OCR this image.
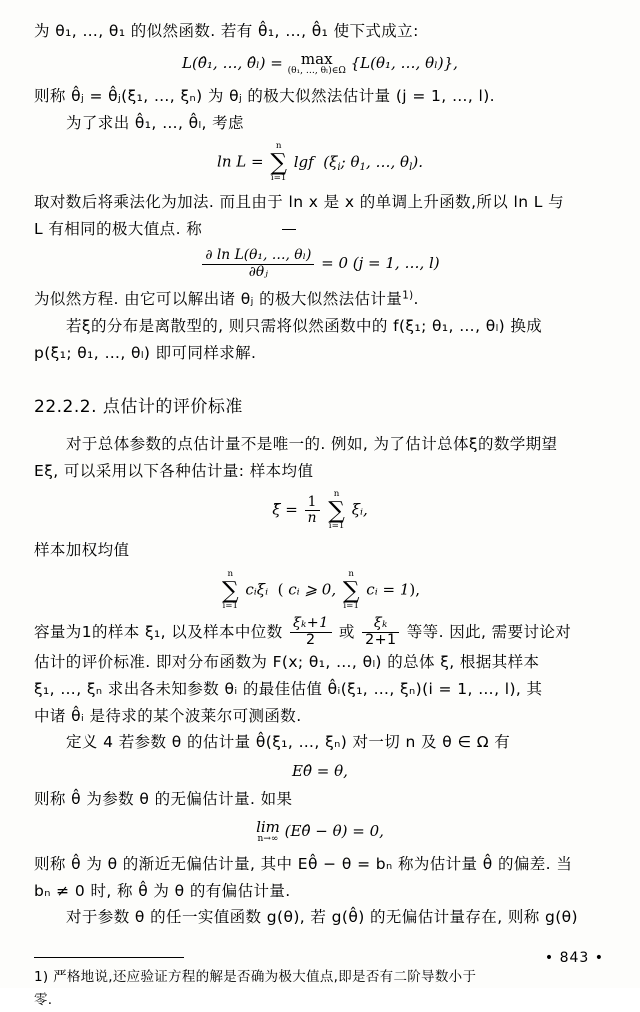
为 θ₁, …, θ₁ 的似然函数. 若有 θ̂₁, …, θ̂₁ 使下式成立:

L(θ̂₁, …, θ̂ₗ) =	max
(θ₁, …, θₗ)∈Ω {L(θ₁, …, θₗ)},

则称 θ̂ⱼ = θ̂ⱼ(ξ₁, …, ξₙ) 为 θⱼ 的极大似然法估计量 (j = 1, …, l).

为了求出 θ̂₁, …, θ̂ₗ, 考虑

ln L =
n
∑
i=1
lgf  ($\xi_i$; $\theta_1$, …, $\theta_l$).

取对数后将乘法化为加法. 而且由于 ln x 是 x 的单调上升函数,所以 ln L 与

L 有相同的极大值点. 称

$\frac{\text{∂ ln L(θ₁, …, θₗ)}}{\text{∂θⱼ}} = 0$ (j = 1, …, l)

为似然方程. 由它可以解出诸 θⱼ 的极大似然法估计量$^{1)}$.

若ξ的分布是离散型的, 则只需将似然函数中的 f(ξ₁; θ₁, …, θₗ) 换成

p(ξ₁; θ₁, …, θₗ) 即可同样求解.

22.2.2. 点估计的评价标准

对于总体参数的点估计量不是唯一的. 例如, 为了估计总体ξ的数学期望

Eξ, 可以采用以下各种估计量: 样本均值

ξ̄ = $\frac{1}{n}$

n
∑
i=1
ξᵢ,

样本加权均值

n
∑
i=1
cᵢξᵢ  ( cᵢ ⩾ 0,
n
∑
i=1
cᵢ = 1),

容量为1的样本 ξ₁, 以及样本中位数 $\frac{\text{ξₖ+1}}{2}$ 或 $\frac{\text{ξₖ}}{2+1}$ 等等. 因此, 需要讨论对

估计的评价标准. 即对分布函数为 F(x; θ₁, …, θₗ) 的总体 ξ, 根据其样本

ξ₁, …, ξₙ 求出各未知参数 θᵢ 的最佳估值 θ̂ᵢ(ξ₁, …, ξₙ)(i = 1, …, l), 其

中诸 θ̂ᵢ 是待求的某个波莱尔可测函数.

定义 4 若参数 θ 的估计量 θ̂(ξ₁, …, ξₙ) 对一切 n 及 θ ∈ Ω 有

Eθ̂ = θ,

则称 θ̂ 为参数 θ 的无偏估计量. 如果

lim
n→∞ (Eθ̂ − θ) = 0,

则称 θ̂ 为 θ 的渐近无偏估计量, 其中 Eθ̂ − θ = bₙ 称为估计量 θ̂ 的偏差. 当

bₙ ≠ 0 时, 称 θ̂ 为 θ 的有偏估计量.

对于参数 θ 的任一实值函数 g(θ), 若 g(θ̂) 的无偏估计量存在, 则称 g(θ)

1) 严格地说,还应验证方程的解是否确为极大值点,即是否有二阶导数小于
零.
• 843 •
